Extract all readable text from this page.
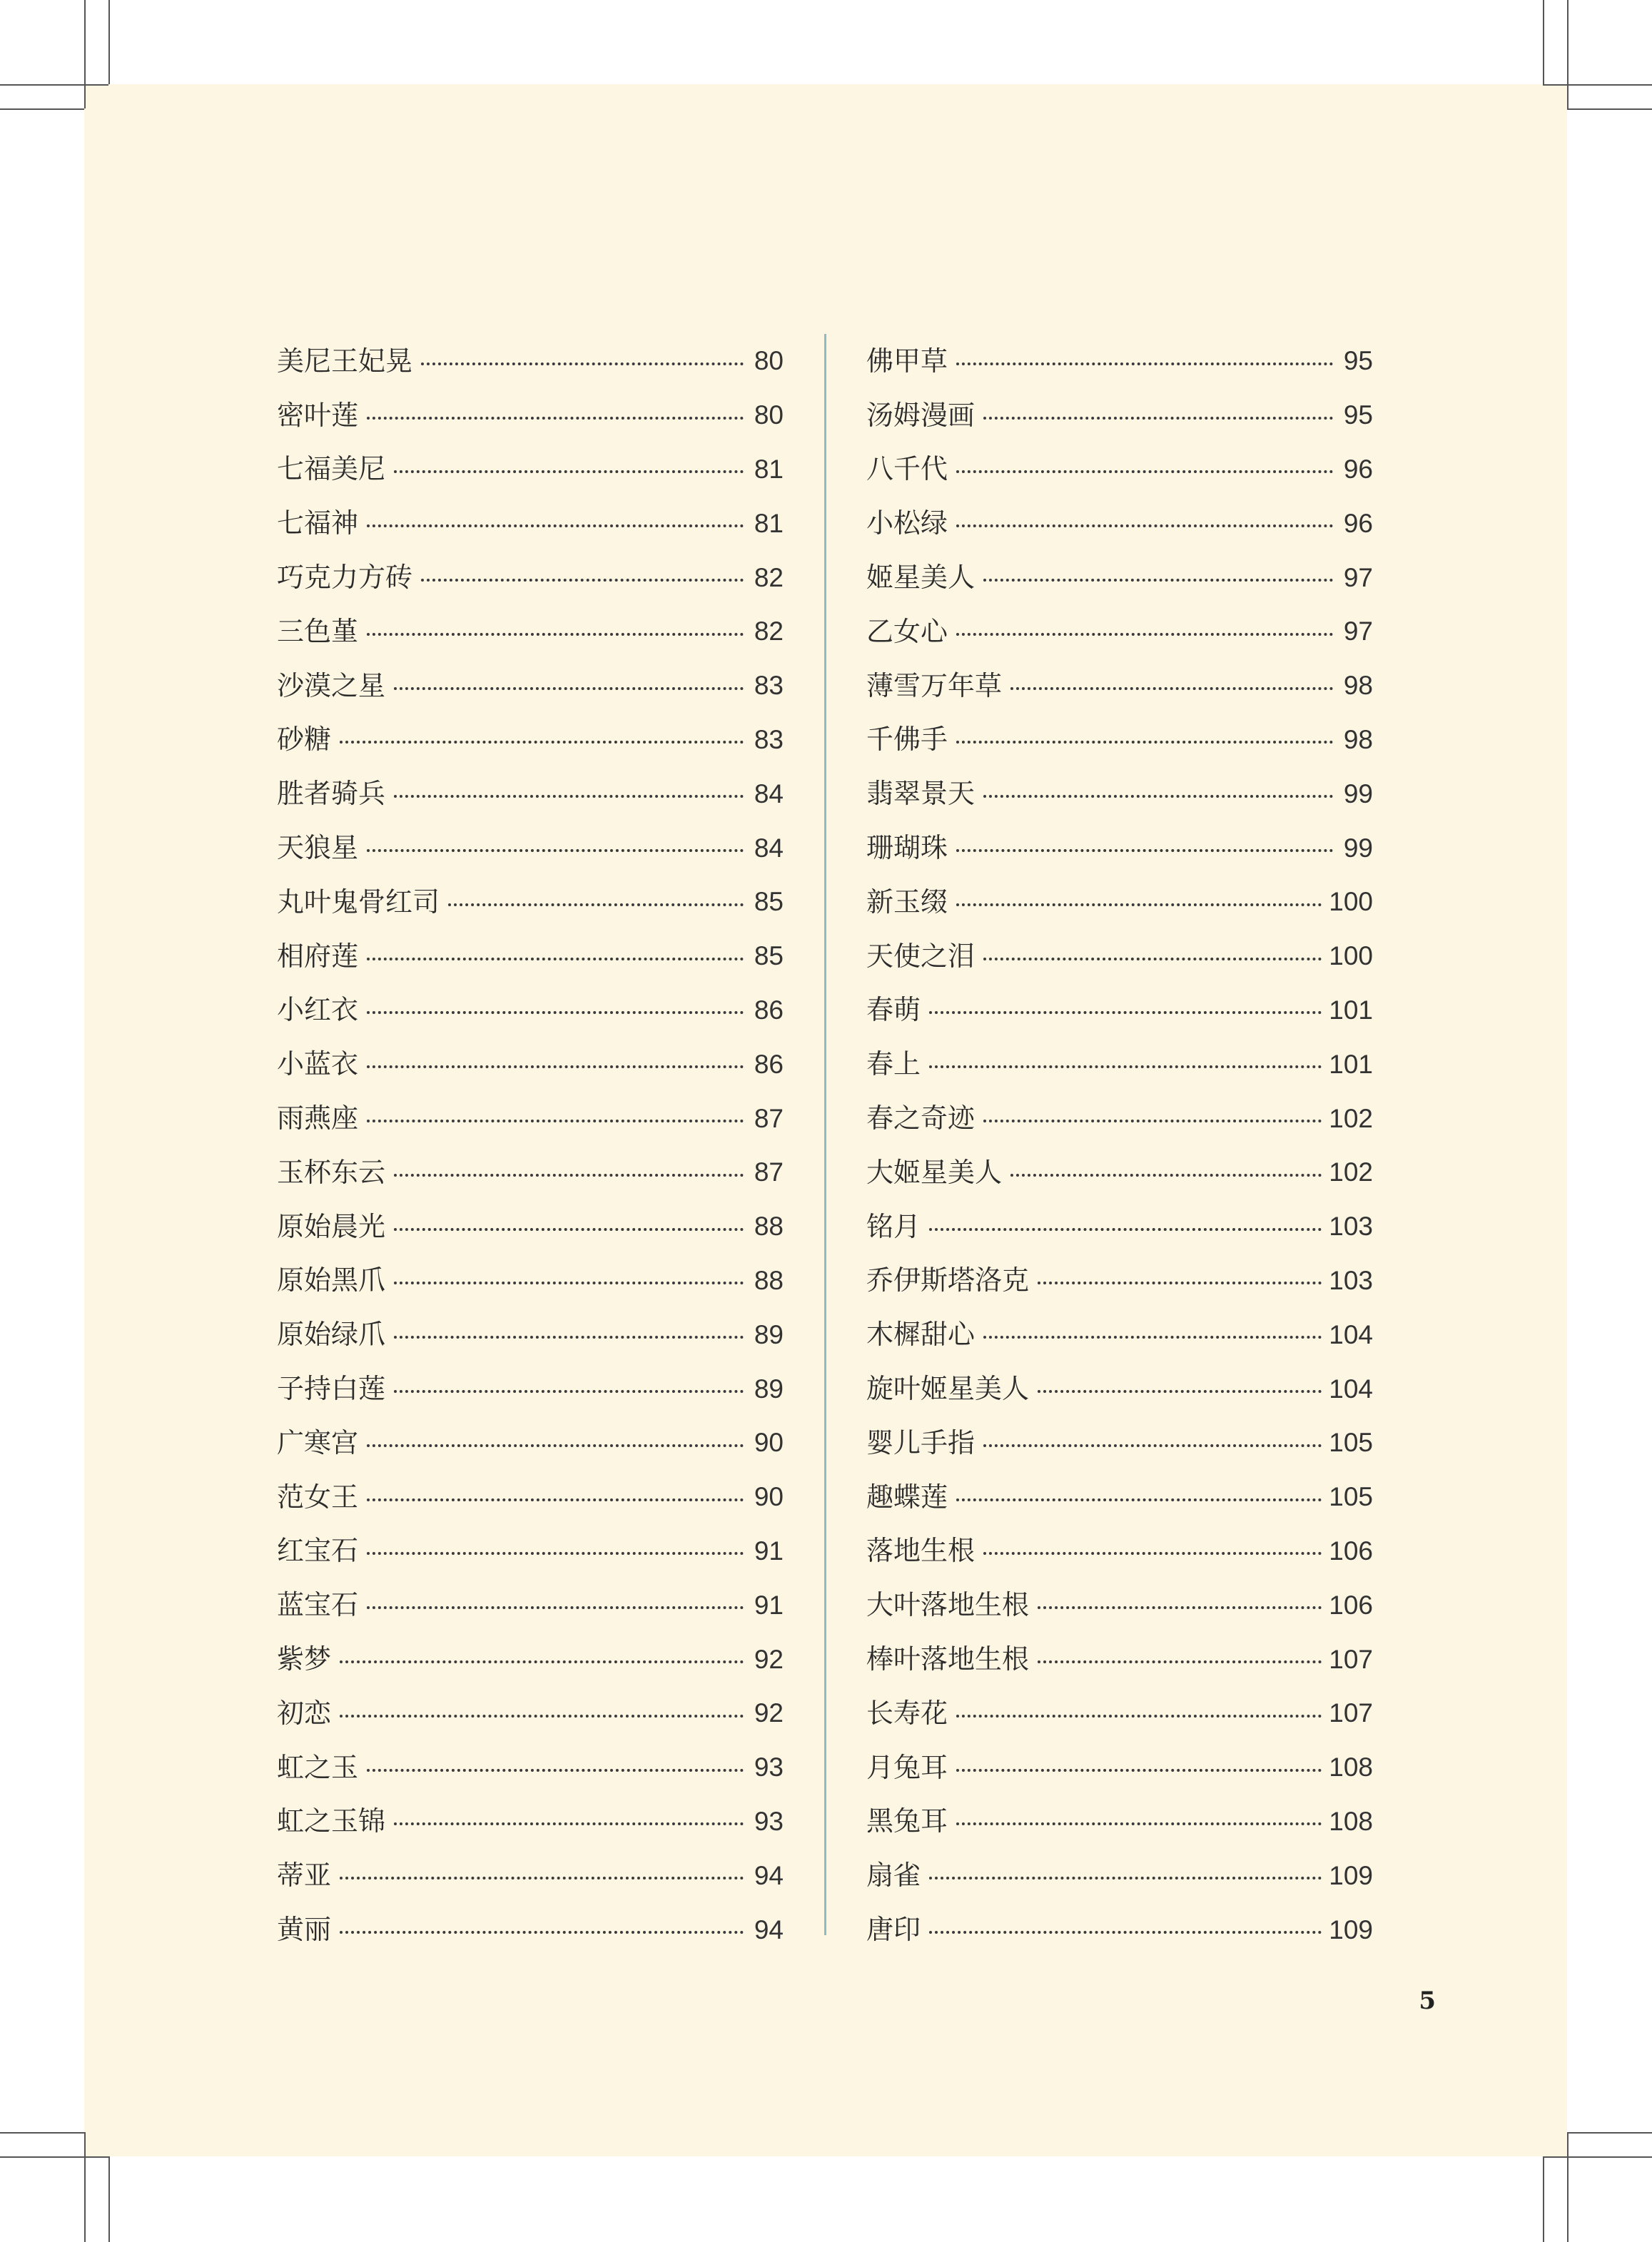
美尼王妃晃	80
密叶莲	80
七福美尼	81
七福神	81
巧克力方砖	82
三色堇	82
沙漠之星	83
砂糖	83
胜者骑兵	84
天狼星	84
丸叶鬼骨红司	85
相府莲	85
小红衣	86
小蓝衣	86
雨燕座	87
玉杯东云	87
原始晨光	88
原始黑爪	88
原始绿爪	89
子持白莲	89
广寒宫	90
范女王	90
红宝石	91
蓝宝石	91
紫梦	92
初恋	92
虹之玉	93
虹之玉锦	93
蒂亚	94
黄丽	94
佛甲草	95
汤姆漫画	95
八千代	96
小松绿	96
姬星美人	97
乙女心	97
薄雪万年草	98
千佛手	98
翡翠景天	99
珊瑚珠	99
新玉缀	100
天使之泪	100
春萌	101
春上	101
春之奇迹	102
大姬星美人	102
铭月	103
乔伊斯塔洛克	103
木樨甜心	104
旋叶姬星美人	104
婴儿手指	105
趣蝶莲	105
落地生根	106
大叶落地生根	106
棒叶落地生根	107
长寿花	107
月兔耳	108
黑兔耳	108
扇雀	109
唐印	109
5
